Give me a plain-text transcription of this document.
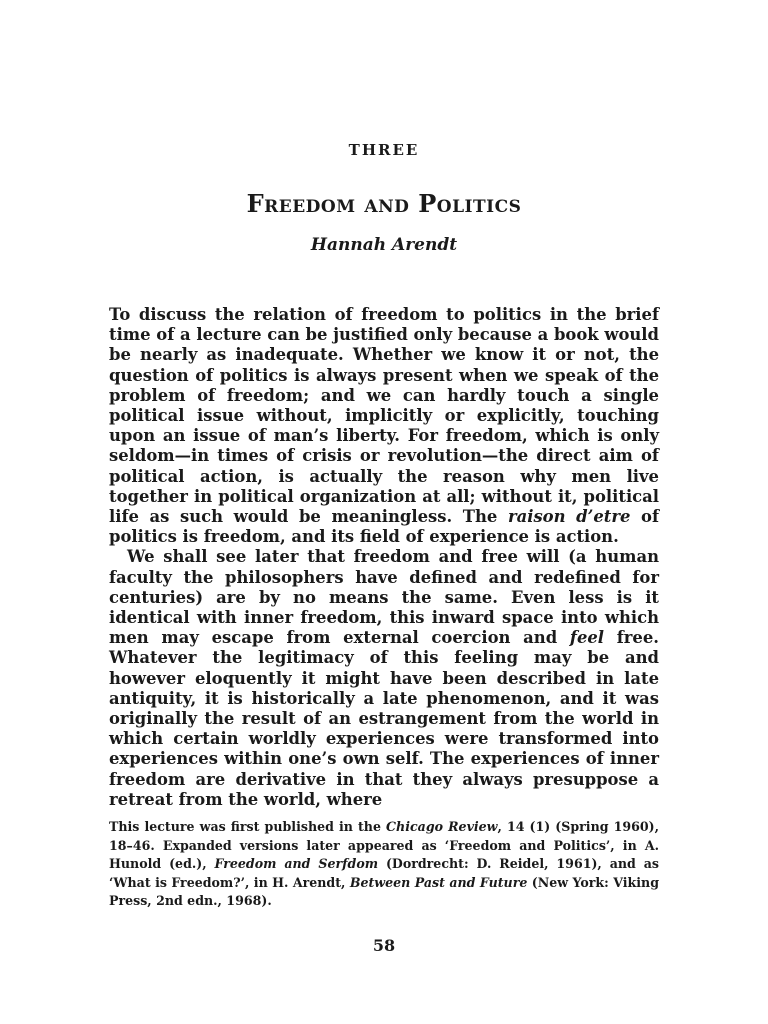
THREE
Freedom and Politics
Hannah Arendt

To discuss the relation of freedom to politics in the brief time of a lecture can be justified only because a book would be nearly as inadequate. Whether we know it or not, the question of politics is always present when we speak of the problem of freedom; and we can hardly touch a single political issue without, implicitly or explicitly, touching upon an issue of man’s liberty. For freedom, which is only seldom—in times of crisis or revolution—the direct aim of political action, is actually the reason why men live together in political organization at all; without it, political life as such would be meaningless. The raison d’etre of politics is freedom, and its field of experience is action.

We shall see later that freedom and free will (a human faculty the philosophers have defined and redefined for centuries) are by no means the same. Even less is it identical with inner freedom, this inward space into which men may escape from external coercion and feel free. Whatever the legitimacy of this feeling may be and however eloquently it might have been described in late antiquity, it is historically a late phenomenon, and it was originally the result of an estrangement from the world in which certain worldly experiences were transformed into experiences within one’s own self. The experiences of inner freedom are derivative in that they always presuppose a retreat from the world, where

This lecture was first published in the Chicago Review, 14 (1) (Spring 1960), 18–46. Expanded versions later appeared as ‘Freedom and Politics’, in A. Hunold (ed.), Freedom and Serfdom (Dordrecht: D. Reidel, 1961), and as ‘What is Freedom?’, in H. Arendt, Between Past and Future (New York: Viking Press, 2nd edn., 1968).
58
